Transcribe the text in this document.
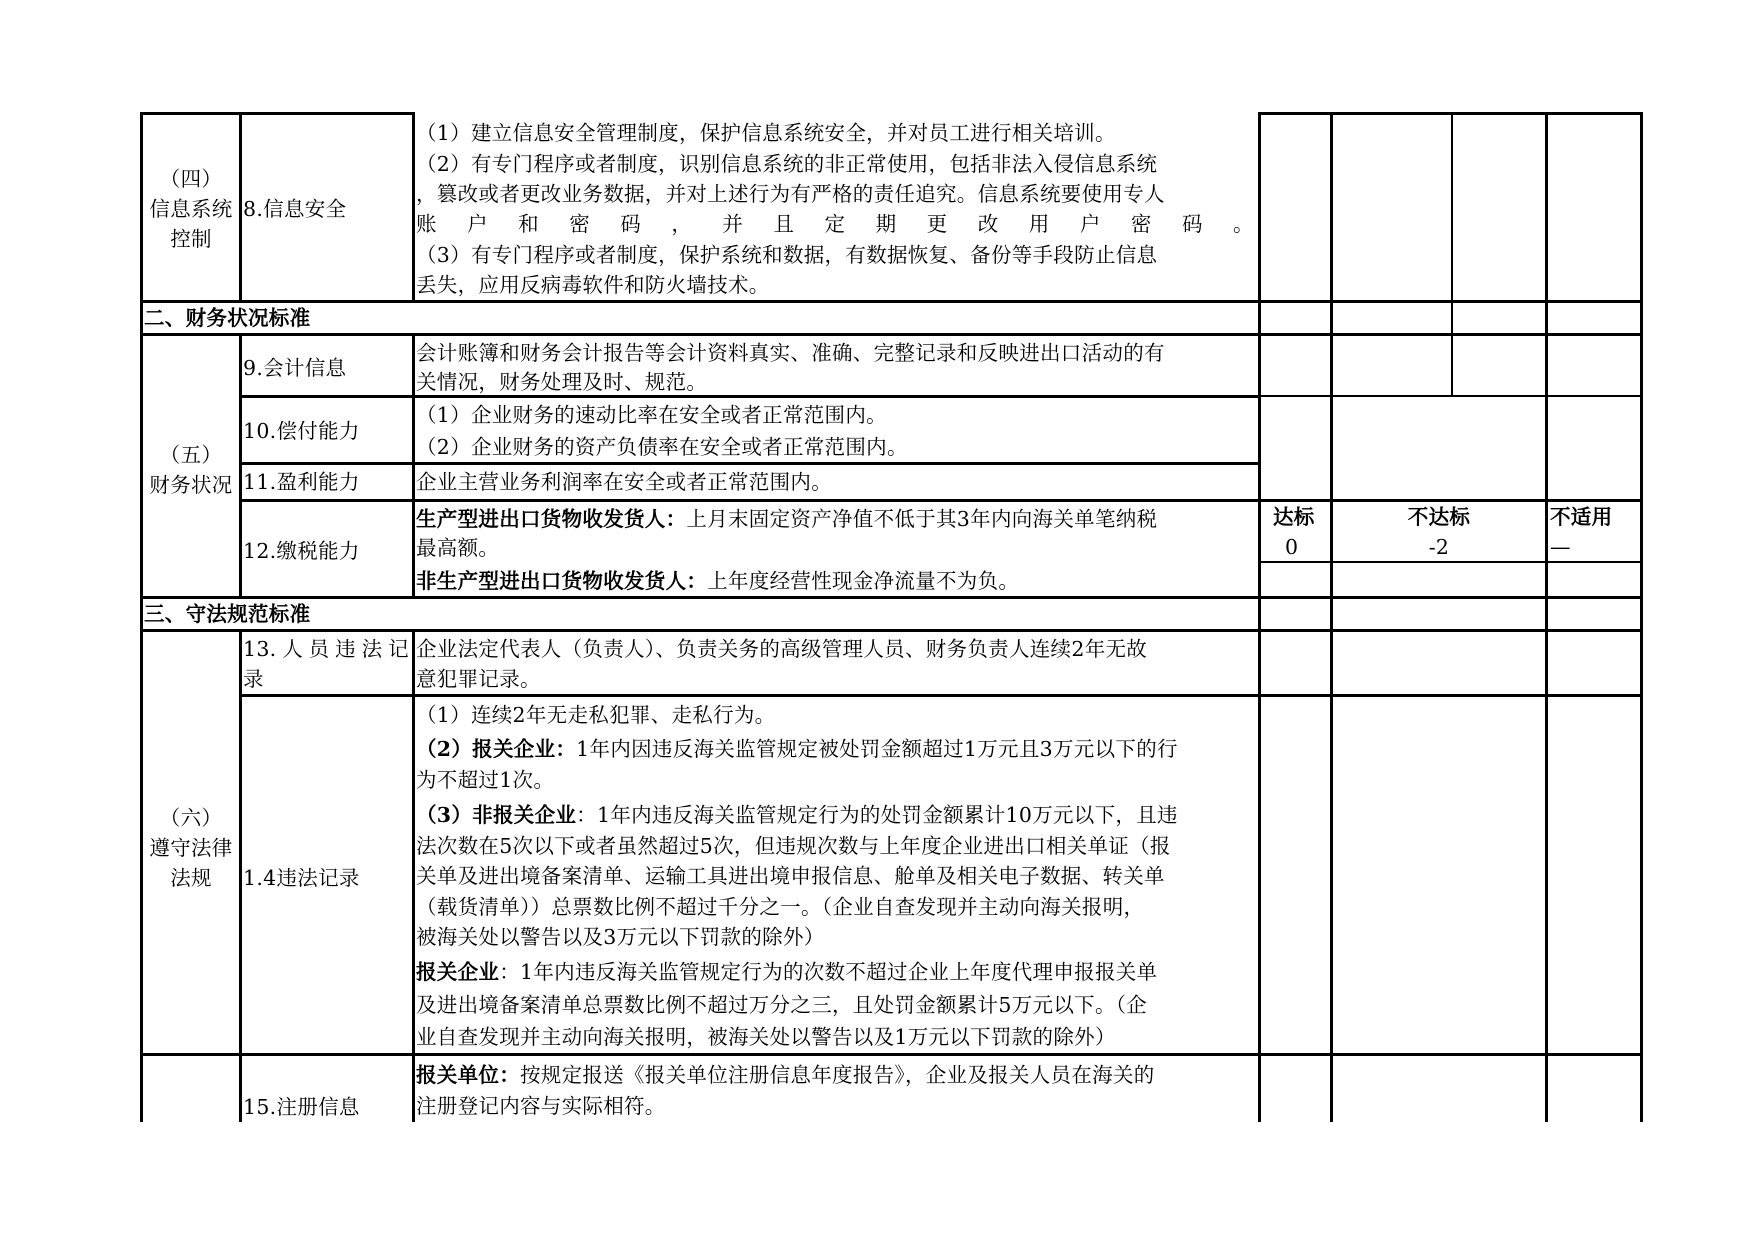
（四）
信息系统
控制
8.信息安全
（1）建立信息安全管理制度，保护信息系统安全，并对员工进行相关培训。
（2）有专门程序或者制度，识别信息系统的非正常使用，包括非法入侵信息系统
，篡改或者更改业务数据，并对上述行为有严格的责任追究。信息系统要使用专人
账 户 和 密 码 ， 并 且 定 期 更 改 用 户 密 码 。
（3）有专门程序或者制度，保护系统和数据，有数据恢复、备份等手段防止信息
丢失，应用反病毒软件和防火墙技术。
二、财务状况标准
（五）
财务状况
9.会计信息
会计账簿和财务会计报告等会计资料真实、准确、完整记录和反映进出口活动的有
关情况，财务处理及时、规范。
10.偿付能力
（1）企业财务的速动比率在安全或者正常范围内。
（2）企业财务的资产负债率在安全或者正常范围内。
11.盈利能力	企业主营业务利润率在安全或者正常范围内。
12.缴税能力
生产型进出口货物收发货人：上月末固定资产净值不低于其3年内向海关单笔纳税
最高额。
非生产型进出口货物收发货人：上年度经营性现金净流量不为负。
达标
0
不达标
-2
不适用
—
三、守法规范标准
（六）
遵守法律
法规
13. 人 员 违 法 记
录
企业法定代表人（负责人）、负责关务的高级管理人员、财务负责人连续2年无故
意犯罪记录。
1.4违法记录
（1）连续2年无走私犯罪、走私行为。
（2）报关企业：1年内因违反海关监管规定被处罚金额超过1万元且3万元以下的行
为不超过1次。
（3）非报关企业：1年内违反海关监管规定行为的处罚金额累计10万元以下，且违
法次数在5次以下或者虽然超过5次，但违规次数与上年度企业进出口相关单证（报
关单及进出境备案清单、运输工具进出境申报信息、舱单及相关电子数据、转关单
（载货清单））总票数比例不超过千分之一。（企业自查发现并主动向海关报明，
被海关处以警告以及3万元以下罚款的除外）
报关企业：1年内违反海关监管规定行为的次数不超过企业上年度代理申报报关单
及进出境备案清单总票数比例不超过万分之三，且处罚金额累计5万元以下。（企
业自查发现并主动向海关报明，被海关处以警告以及1万元以下罚款的除外）
15.注册信息
报关单位：按规定报送《报关单位注册信息年度报告》，企业及报关人员在海关的
注册登记内容与实际相符。
